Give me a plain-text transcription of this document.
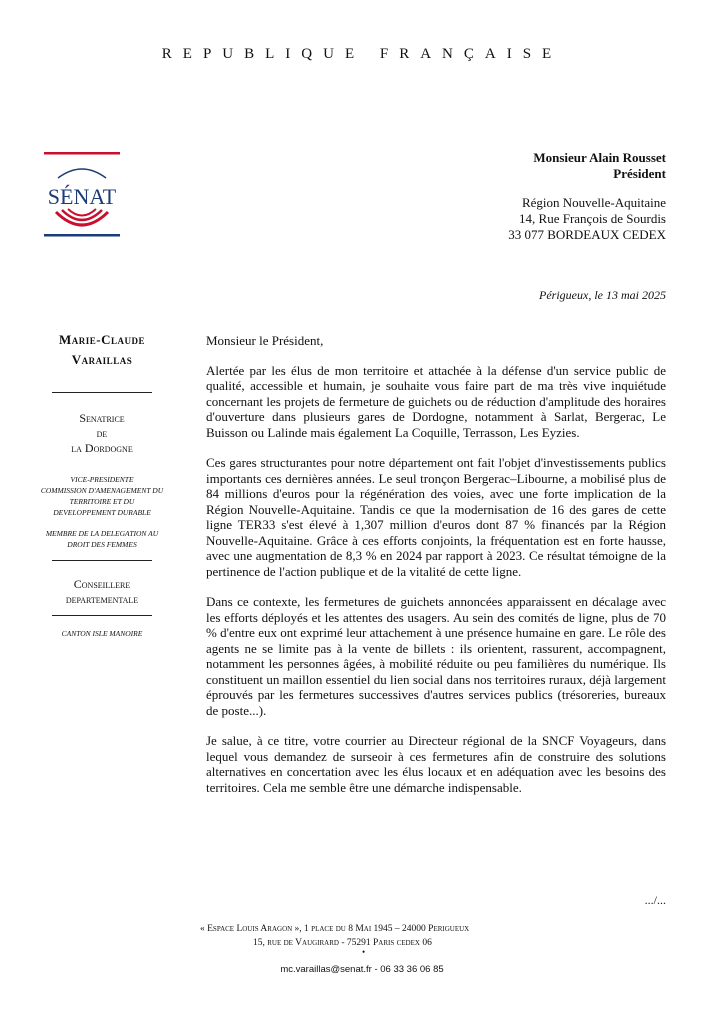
REPUBLIQUE FRANÇAISE
SÉNAT
Monsieur Alain Rousset
Président
Région Nouvelle-Aquitaine
14, Rue François de Sourdis
33 077 BORDEAUX CEDEX
Périgueux, le 13 mai 2025
Marie-Claude
Varaillas
Senatrice
de
la Dordogne
VICE-PRESIDENTE
COMMISSION D'AMENAGEMENT DU
TERRITOIRE ET DU
DEVELOPPEMENT DURABLE
MEMBRE DE LA DELEGATION AU
DROIT DES FEMMES
Conseillere
departementale
CANTON ISLE MANOIRE

Monsieur le Président,

Alertée par les élus de mon territoire et attachée à la défense d'un service public de qualité, accessible et humain, je souhaite vous faire part de ma très vive inquiétude concernant les projets de fermeture de guichets ou de réduction d'amplitude des horaires d'ouverture dans plusieurs gares de Dordogne, notamment à Sarlat, Bergerac, Le Buisson ou Lalinde mais également La Coquille, Terrasson, Les Eyzies.

Ces gares structurantes pour notre département ont fait l'objet d'investissements publics importants ces dernières années. Le seul tronçon Bergerac–Libourne, a mobilisé plus de 84 millions d'euros pour la régénération des voies, avec une forte implication de la Région Nouvelle-Aquitaine. Tandis ce que la modernisation de 16 des gares de cette ligne TER33 s'est élevé à 1,307 million d'euros dont 87 % financés par la Région Nouvelle-Aquitaine. Grâce à ces efforts conjoints, la fréquentation est en forte hausse, avec une augmentation de 8,3 % en 2024 par rapport à 2023. Ce résultat témoigne de la pertinence de l'action publique et de la vitalité de cette ligne.

Dans ce contexte, les fermetures de guichets annoncées apparaissent en décalage avec les efforts déployés et les attentes des usagers. Au sein des comités de ligne, plus de 70 % d'entre eux ont exprimé leur attachement à une présence humaine en gare. Le rôle des agents ne se limite pas à la vente de billets : ils orientent, rassurent, accompagnent, notamment les personnes âgées, à mobilité réduite ou peu familières du numérique. Ils constituent un maillon essentiel du lien social dans nos territoires ruraux, déjà largement éprouvés par les fermetures successives d'autres services publics (trésoreries, bureaux de poste...).

Je salue, à ce titre, votre courrier au Directeur régional de la SNCF Voyageurs, dans lequel vous demandez de surseoir à ces fermetures afin de construire des solutions alternatives en concertation avec les élus locaux et en adéquation avec les besoins des territoires. Cela me semble être une démarche indispensable.

.../...
« Espace Louis Aragon », 1 place du 8 Mai 1945 – 24000 Perigueux
15, rue de Vaugirard - 75291 Paris cedex 06
•
mc.varaillas@senat.fr - 06 33 36 06 85
